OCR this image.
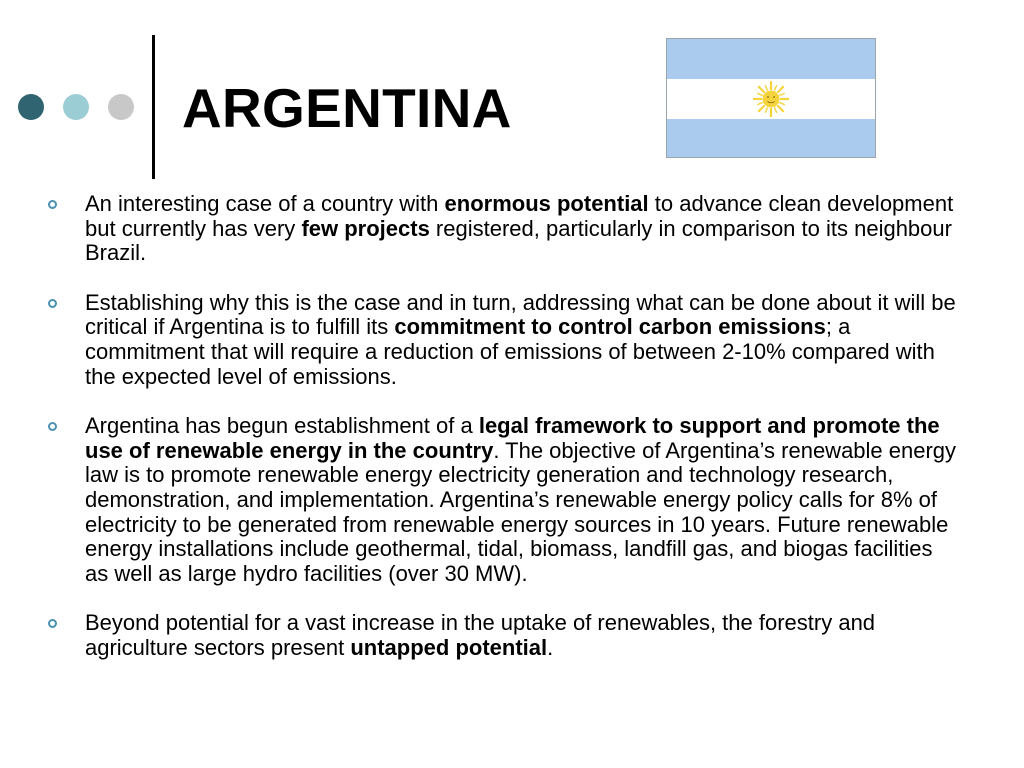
ARGENTINA
An interesting case of a country with enormous potential to advance clean development but currently has very few projects registered, particularly in comparison to its neighbour Brazil.
Establishing why this is the case and in turn, addressing what can be done about it will be critical if Argentina is to fulfill its commitment to control carbon emissions; a commitment that will require a reduction of emissions of between 2-10% compared with the expected level of emissions.
Argentina has begun establishment of a legal framework to support and promote the use of renewable energy in the country. The objective of Argentina’s renewable energy law is to promote renewable energy electricity generation and technology research, demonstration, and implementation. Argentina’s renewable energy policy calls for 8% of electricity to be generated from renewable energy sources in 10 years. Future renewable energy installations include geothermal, tidal, biomass, landfill gas, and biogas facilities as well as large hydro facilities (over 30 MW).
Beyond potential for a vast increase in the uptake of renewables, the forestry and agriculture sectors present untapped potential.
